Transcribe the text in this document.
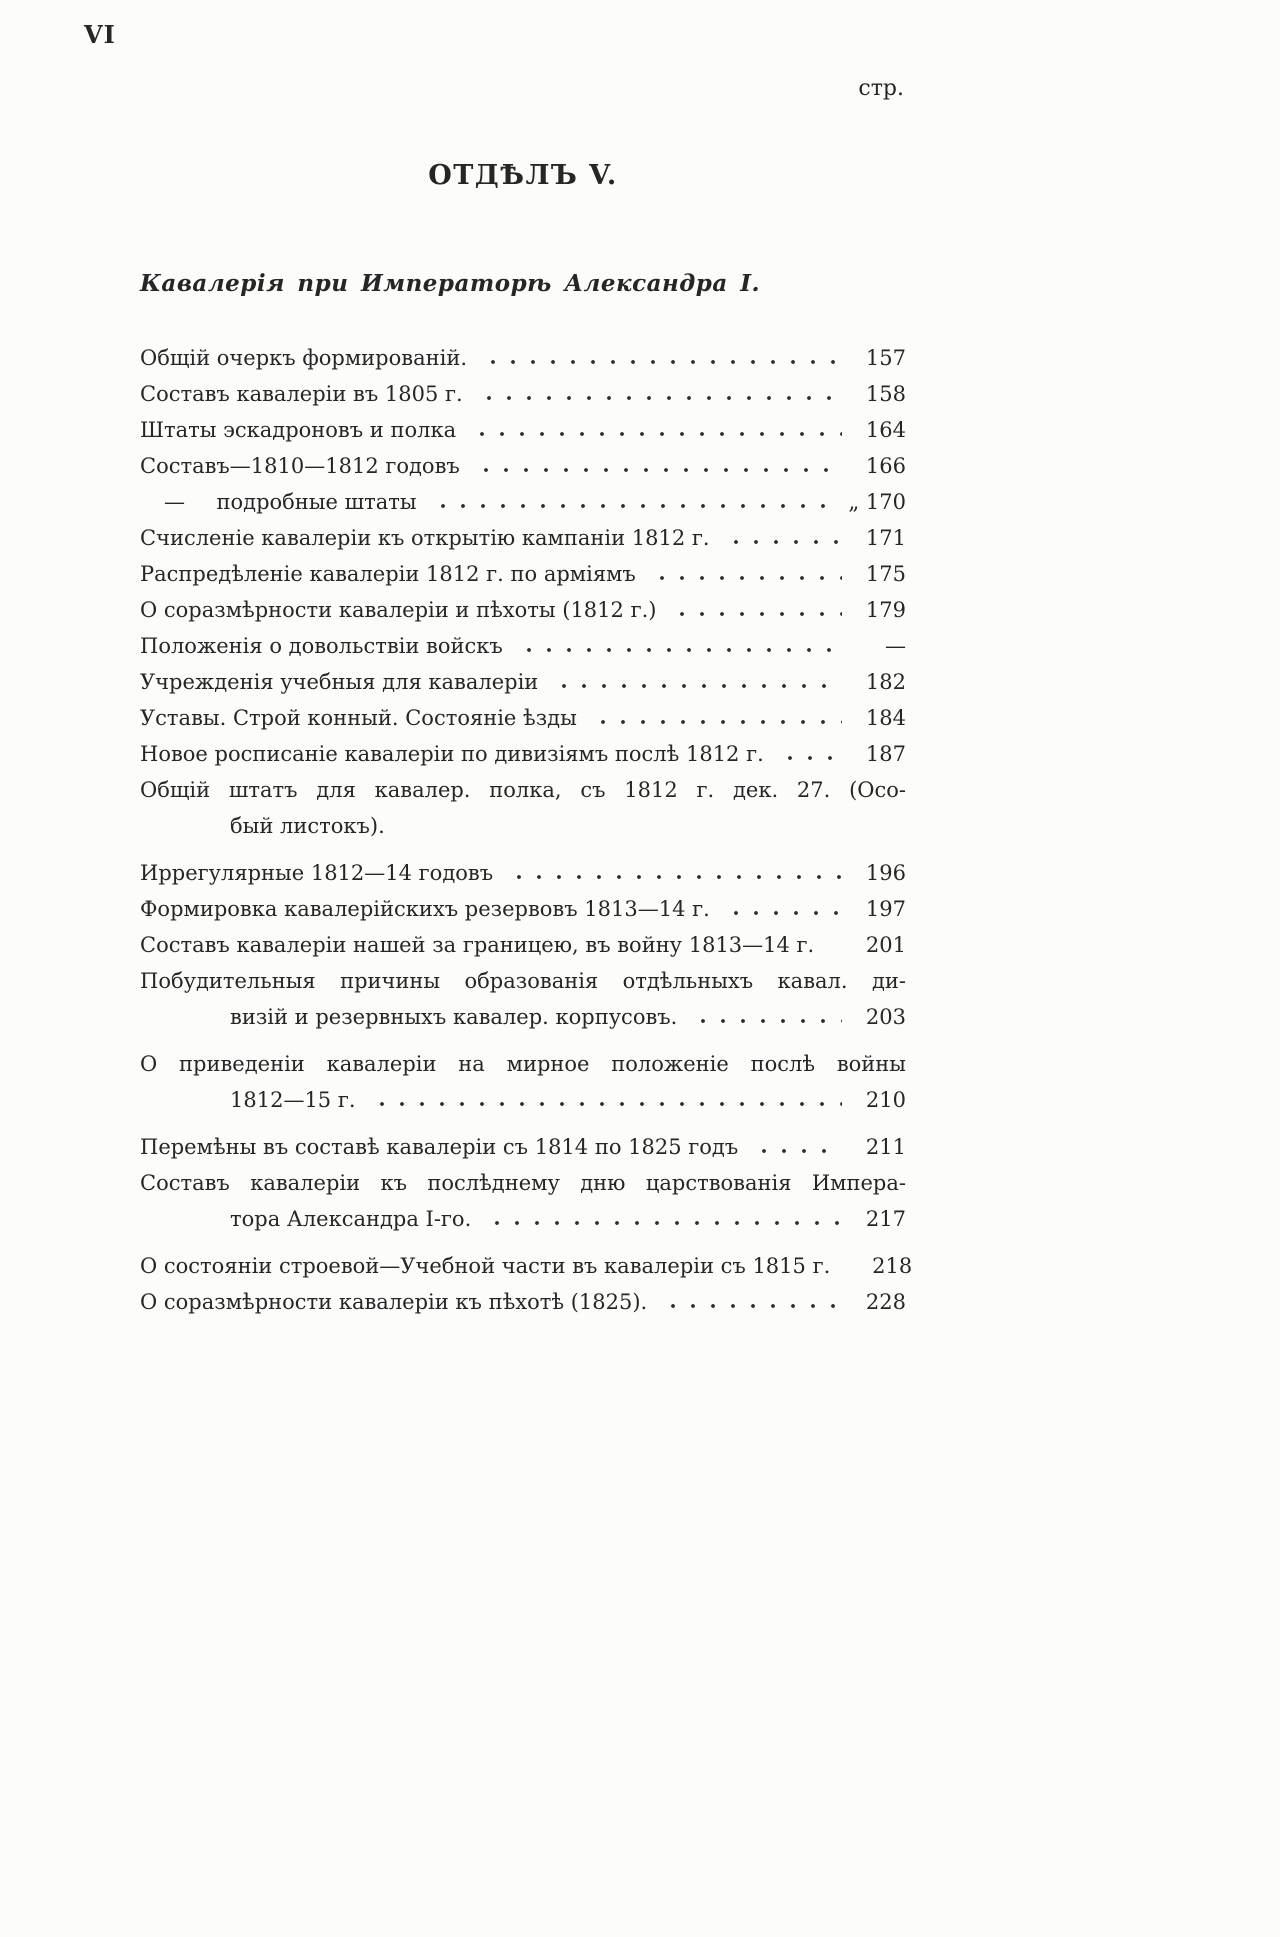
VI
стр.
ОТДѢЛЪ V.
Кавалерія при Императорѣ Александра I.
Общій очеркъ формированій.	157
Составъ кавалеріи въ 1805 г.	158
Штаты эскадроновъ и полка	164
Составъ—1810—1812 годовъ	166
—  подробные штаты	„ 170
Счисленіе кавалеріи къ открытію кампаніи 1812 г.	171
Распредѣленіе кавалеріи 1812 г. по арміямъ	175
О соразмѣрности кавалеріи и пѣхоты (1812 г.)	179
Положенія о довольствіи войскъ	—
Учрежденія учебныя для кавалеріи	182
Уставы. Строй конный. Состояніе ѣзды	184
Новое росписаніе кавалеріи по дивизіямъ послѣ 1812 г.	187
Общій штатъ для кавалер. полка, съ 1812 г. дек. 27. (Осо-
бый листокъ).
Иррегулярные 1812—14 годовъ	196
Формировка кавалерійскихъ резервовъ 1813—14 г.	197
Составъ кавалеріи нашей за границею, въ войну 1813—14 г.	201
Побудительныя причины образованія отдѣльныхъ кавал. ди-
визій и резервныхъ кавалер. корпусовъ.	203
О приведеніи кавалеріи на мирное положеніе послѣ войны
1812—15 г.	210
Перемѣны въ составѣ кавалеріи съ 1814 по 1825 годъ	211
Составъ кавалеріи къ послѣднему дню царствованія Импера-
тора Александра I-го.	217
О состояніи строевой—Учебной части въ кавалеріи съ 1815 г.	218
О соразмѣрности кавалеріи къ пѣхотѣ (1825).	228
